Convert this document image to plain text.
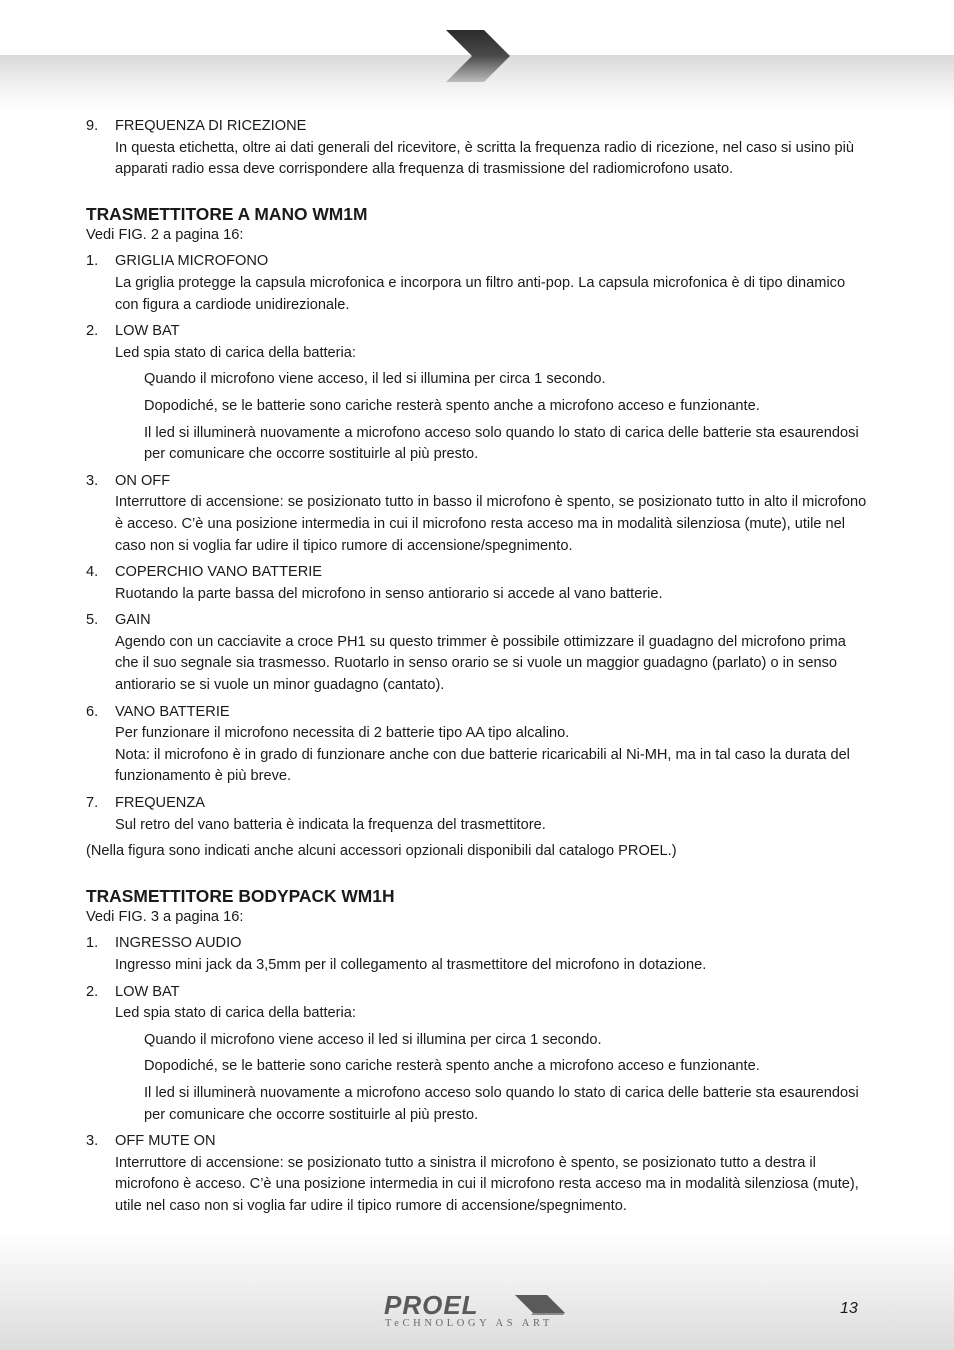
9. FREQUENZA DI RICEZIONE
In questa etichetta, oltre ai dati generali del ricevitore, è scritta la frequenza radio di ricezione, nel caso si usino più apparati radio essa deve corrispondere alla frequenza di trasmissione del radiomicrofono usato.
TRASMETTITORE A MANO WM1M
Vedi FIG. 2 a pagina 16:
1. GRIGLIA MICROFONO
La griglia protegge la capsula microfonica e incorpora un filtro anti-pop. La capsula microfonica è di tipo dinamico con figura a cardiode unidirezionale.
2. LOW BAT
Led spia stato di carica della batteria:
Quando il microfono viene acceso, il led si illumina per circa 1 secondo.
Dopodiché, se le batterie sono cariche resterà spento anche a microfono acceso e funzionante.
Il led si illuminerà nuovamente a microfono acceso solo quando lo stato di carica delle batterie sta esaurendosi per comunicare che occorre sostituirle al più presto.
3. ON OFF
Interruttore di accensione: se posizionato tutto in basso il microfono è spento, se posizionato tutto in alto il microfono è acceso. C’è una posizione intermedia in cui il microfono resta acceso ma in modalità silenziosa (mute), utile nel caso non si voglia far udire il tipico rumore di accensione/spegnimento.
4. COPERCHIO VANO BATTERIE
Ruotando la parte bassa del microfono in senso antiorario si accede al vano batterie.
5. GAIN
Agendo con un cacciavite a croce PH1 su questo trimmer è possibile ottimizzare il guadagno del microfono prima che il suo segnale sia trasmesso. Ruotarlo in senso orario se si vuole un maggior guadagno (parlato) o in senso antiorario se si vuole un minor guadagno (cantato).
6. VANO BATTERIE
Per funzionare il microfono necessita di 2 batterie tipo AA tipo alcalino.
Nota: il microfono è in grado di funzionare anche con due batterie ricaricabili al Ni-MH, ma in tal caso la durata del funzionamento è più breve.
7. FREQUENZA
Sul retro del vano batteria è indicata la frequenza del trasmettitore.
(Nella figura sono indicati anche alcuni accessori opzionali disponibili dal catalogo PROEL.)
TRASMETTITORE BODYPACK WM1H
Vedi FIG. 3 a pagina 16:
1. INGRESSO AUDIO
Ingresso mini jack da 3,5mm per il collegamento al trasmettitore del microfono in dotazione.
2. LOW BAT
Led spia stato di carica della batteria:
Quando il microfono viene acceso il led si illumina per circa 1 secondo.
Dopodiché, se le batterie sono cariche resterà spento anche a microfono acceso e funzionante.
Il led si illuminerà nuovamente a microfono acceso solo quando lo stato di carica delle batterie sta esaurendosi per comunicare che occorre sostituirle al più presto.
3. OFF MUTE ON
Interruttore di accensione: se posizionato tutto a sinistra il microfono è spento, se posizionato tutto a destra il microfono è acceso. C’è una posizione intermedia in cui il microfono resta acceso ma in modalità silenziosa (mute), utile nel caso non si voglia far udire il tipico rumore di accensione/spegnimento.
PROEL
TeCHNOLOGY AS ART
13
